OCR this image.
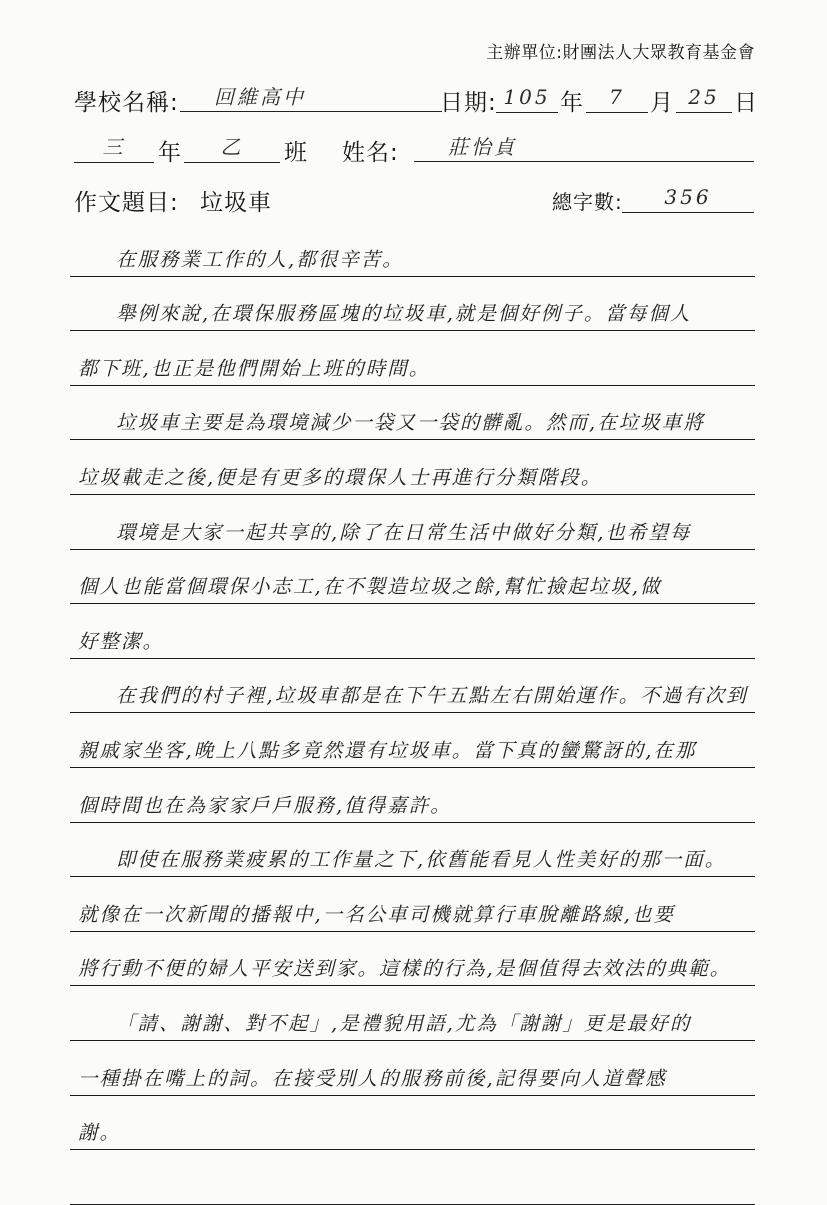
主辦單位:財團法人大眾教育基金會
學校名稱:	回維高中	日期: 105 年	7	月 25 日
三	年	乙	班 姓名:	莊怡貞
作文題目: 垃圾車	總字數:	356
在服務業工作的人,都很辛苦。
舉例來說,在環保服務區塊的垃圾車,就是個好例子。當每個人
都下班,也正是他們開始上班的時間。
垃圾車主要是為環境減少一袋又一袋的髒亂。然而,在垃圾車將
垃圾載走之後,便是有更多的環保人士再進行分類階段。
環境是大家一起共享的,除了在日常生活中做好分類,也希望每
個人也能當個環保小志工,在不製造垃圾之餘,幫忙撿起垃圾,做
好整潔。
在我們的村子裡,垃圾車都是在下午五點左右開始運作。不過有次到
親戚家坐客,晚上八點多竟然還有垃圾車。當下真的蠻驚訝的,在那
個時間也在為家家戶戶服務,值得嘉許。
即使在服務業疲累的工作量之下,依舊能看見人性美好的那一面。
就像在一次新聞的播報中,一名公車司機就算行車脫離路線,也要
將行動不便的婦人平安送到家。這樣的行為,是個值得去效法的典範。
「請、謝謝、對不起」,是禮貌用語,尤為「謝謝」更是最好的
一種掛在嘴上的詞。在接受別人的服務前後,記得要向人道聲感
謝。
